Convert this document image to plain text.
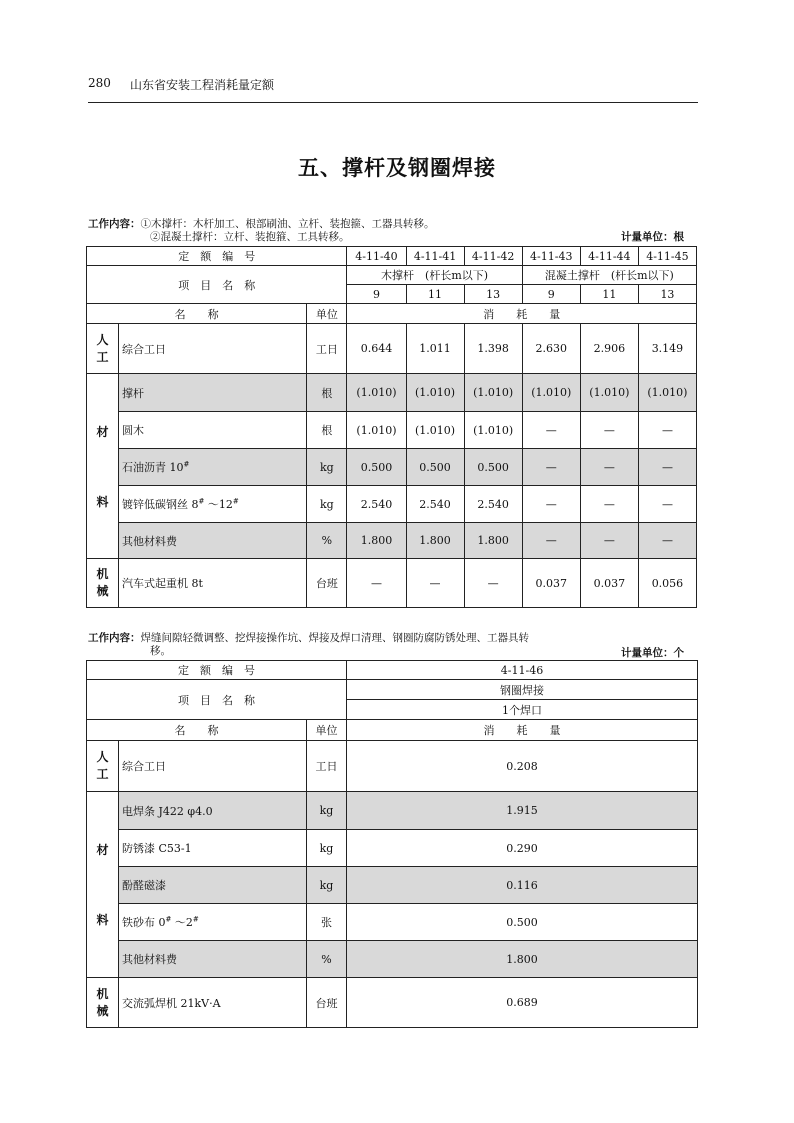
280 山东省安装工程消耗量定额
五、撑杆及钢圈焊接
工作内容：①木撑杆：木杆加工、根部刷油、立杆、装抱箍、工器具转移。
②混凝土撑杆：立杆、装抱箍、工具转移。	计量单位：根
定　额　编　号			4-11-40	4-11-41	4-11-42	4-11-43	4-11-44	4-11-45
项　目　名　称			木撑杆　(杆长m以下)			混凝土撑杆　(杆长m以下)		
			9	11	13	9	11	13
名　　称		单位	消　　耗　　量					

人
工	综合工日	工日	0.644	1.011	1.398	2.630	2.906	3.149

材
料	撑杆	根	(1.010)	(1.010)	(1.010)	(1.010)	(1.010)	(1.010)
	圆木	根	(1.010)	(1.010)	(1.010)	—	—	—
	石油沥青 10#	kg	0.500	0.500	0.500	—	—	—
	镀锌低碳钢丝 8# ～12#	kg	2.540	2.540	2.540	—	—	—
	其他材料费	%	1.800	1.800	1.800	—	—	—

机
械	汽车式起重机 8t	台班	—	—	—	0.037	0.037	0.056
工作内容：焊缝间隙轻微调整、挖焊接操作坑、焊接及焊口清理、钢圈防腐防锈处理、工器具转
移。	计量单位：个
定　额　编　号			4-11-46
项　目　名　称			钢圈焊接
			1个焊口
名　　称		单位	消　　耗　　量

人
工	综合工日	工日	0.208

材
料	电焊条 J422 φ4.0	kg	1.915
	防锈漆 C53-1	kg	0.290
	酚醛磁漆	kg	0.116
	铁砂布 0# ～2#	张	0.500
	其他材料费	%	1.800

机
械	交流弧焊机 21kV·A	台班	0.689
